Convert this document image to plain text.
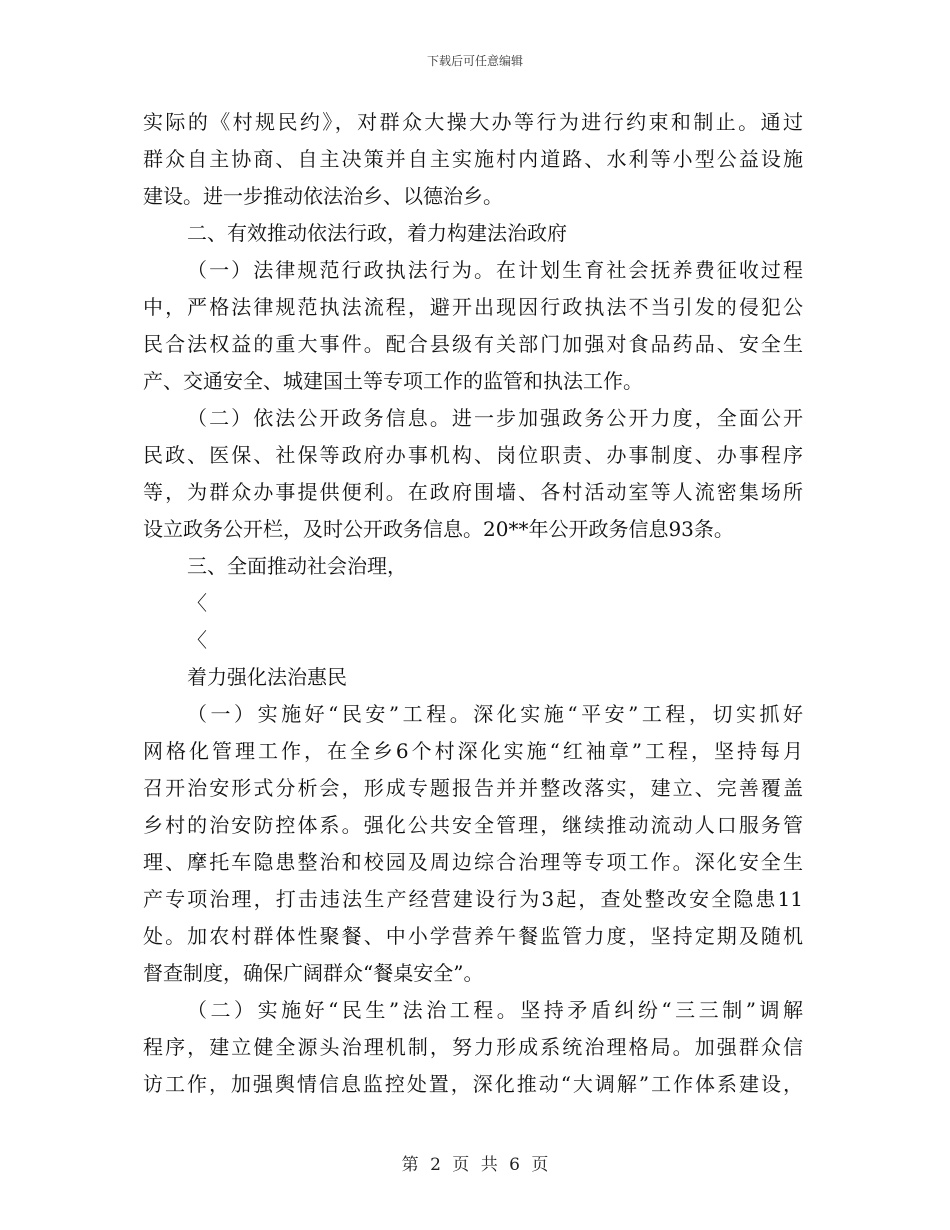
下载后可任意编辑
实际的《村规民约》，对群众大操大办等行为进行约束和制止。通过
群众自主协商、自主决策并自主实施村内道路、水利等小型公益设施
建设。进一步推动依法治乡、以德治乡。
二、有效推动依法行政，着力构建法治政府
（一）法律规范行政执法行为。在计划生育社会抚养费征收过程
中，严格法律规范执法流程，避开出现因行政执法不当引发的侵犯公
民合法权益的重大事件。配合县级有关部门加强对食品药品、安全生
产、交通安全、城建国土等专项工作的监管和执法工作。
（二）依法公开政务信息。进一步加强政务公开力度，全面公开
民政、医保、社保等政府办事机构、岗位职责、办事制度、办事程序
等，为群众办事提供便利。在政府围墙、各村活动室等人流密集场所
设立政务公开栏，及时公开政务信息。20**年公开政务信息93条。
三、全面推动社会治理，
〈
〈
着力强化法治惠民
（一）实施好“民安”工程。深化实施“平安”工程，切实抓好
网格化管理工作，在全乡6个村深化实施“红袖章”工程，坚持每月
召开治安形式分析会，形成专题报告并并整改落实，建立、完善覆盖
乡村的治安防控体系。强化公共安全管理，继续推动流动人口服务管
理、摩托车隐患整治和校园及周边综合治理等专项工作。深化安全生
产专项治理，打击违法生产经营建设行为3起，查处整改安全隐患11
处。加农村群体性聚餐、中小学营养午餐监管力度，坚持定期及随机
督查制度，确保广阔群众“餐桌安全”。
（二）实施好“民生”法治工程。坚持矛盾纠纷“三三制”调解
程序，建立健全源头治理机制，努力形成系统治理格局。加强群众信
访工作，加强舆情信息监控处置，深化推动“大调解”工作体系建设，
第 2 页 共 6 页
